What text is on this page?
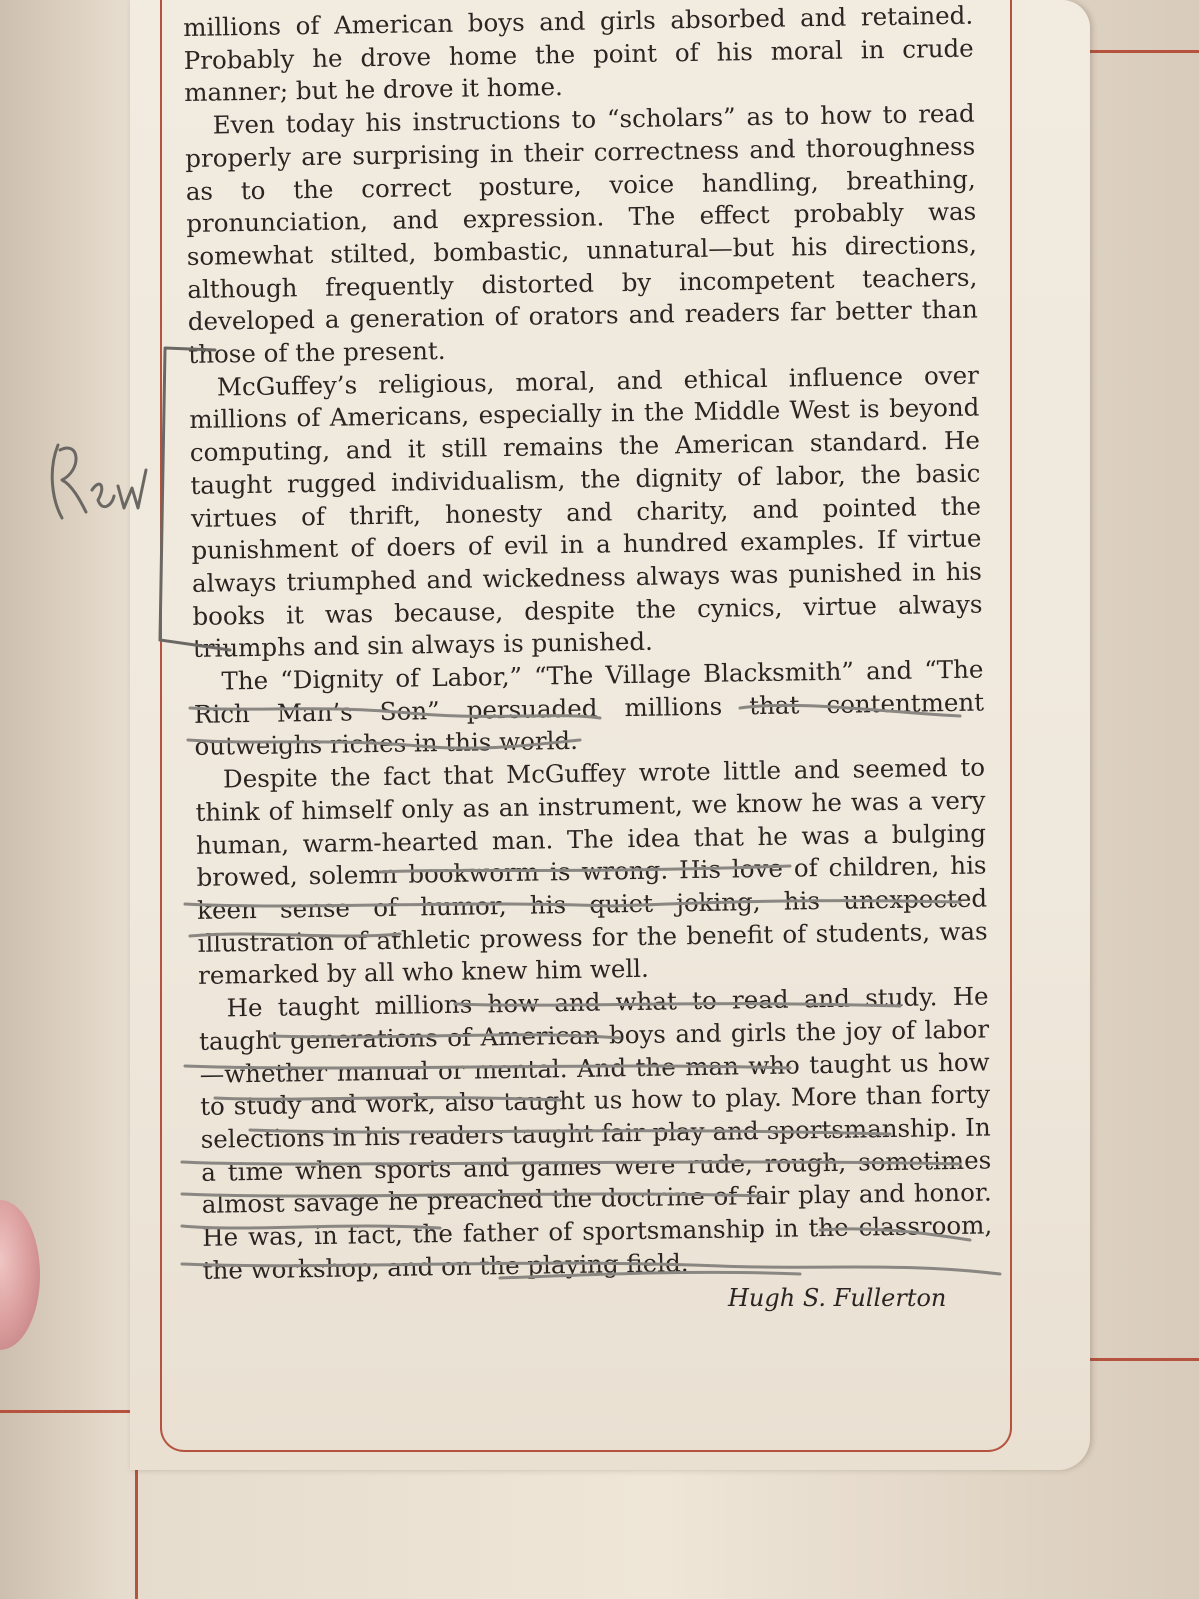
millions of American boys and girls absorbed and retained. Probably he drove home the point of his moral in crude manner; but he drove it home.

Even today his instructions to “scholars” as to how to read properly are surprising in their correctness and thoroughness as to the correct posture, voice handling, breathing, pronunciation, and expression. The effect probably was somewhat stilted, bombastic, unnatural—but his directions, although frequently distorted by incompetent teachers, developed a generation of orators and readers far better than those of the present.

McGuffey’s religious, moral, and ethical influence over millions of Americans, especially in the Middle West is beyond computing, and it still remains the American standard. He taught rugged individualism, the dignity of labor, the basic virtues of thrift, honesty and charity, and pointed the punishment of doers of evil in a hundred examples. If virtue always triumphed and wickedness always was punished in his books it was because, despite the cynics, virtue always triumphs and sin always is punished.

The “Dignity of Labor,” “The Village Blacksmith” and “The Rich Man’s Son” persuaded millions that contentment outweighs riches in this world.

Despite the fact that McGuffey wrote little and seemed to think of himself only as an instrument, we know he was a very human, warm-hearted man. The idea that he was a bulging browed, solemn bookworm is wrong. His love of children, his keen sense of humor, his quiet joking, his unexpected illustration of athletic prowess for the benefit of students, was remarked by all who knew him well.

He taught millions how and what to read and study. He taught generations of American boys and girls the joy of labor—whether manual or mental. And the man who taught us how to study and work, also taught us how to play. More than forty selections in his readers taught fair play and sportsmanship. In a time when sports and games were rude, rough, sometimes almost savage he preached the doctrine of fair play and honor. He was, in fact, the father of sportsmanship in the classroom, the workshop, and on the playing field.

Hugh S. Fullerton
